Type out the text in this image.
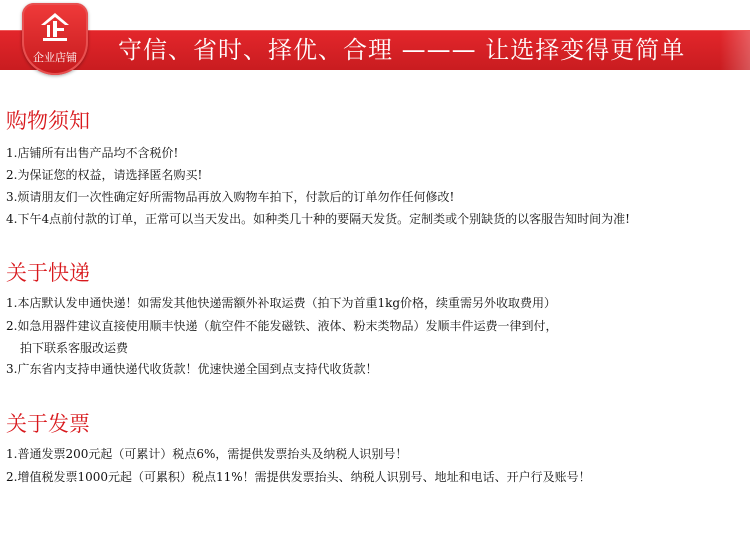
企业店铺	守信、省时、择优、合理 ——— 让选择变得更简单
购物须知
1.店铺所有出售产品均不含税价!
2.为保证您的权益，请选择匿名购买!
3.烦请朋友们一次性确定好所需物品再放入购物车拍下，付款后的订单勿作任何修改!
4.下午4点前付款的订单，正常可以当天发出。如种类几十种的要隔天发货。定制类或个别缺货的以客服告知时间为准!
关于快递
1.本店默认发申通快递！如需发其他快递需额外补取运费（拍下为首重1kg价格，续重需另外收取费用）
2.如急用器件建议直接使用顺丰快递（航空件不能发磁铁、液体、粉末类物品）发顺丰件运费一律到付，
拍下联系客服改运费
3.广东省内支持申通快递代收货款！优速快递全国到点支持代收货款！
关于发票
1.普通发票200元起（可累计）税点6%，需提供发票抬头及纳税人识别号！
2.增值税发票1000元起（可累积）税点11%！需提供发票抬头、纳税人识别号、地址和电话、开户行及账号！
